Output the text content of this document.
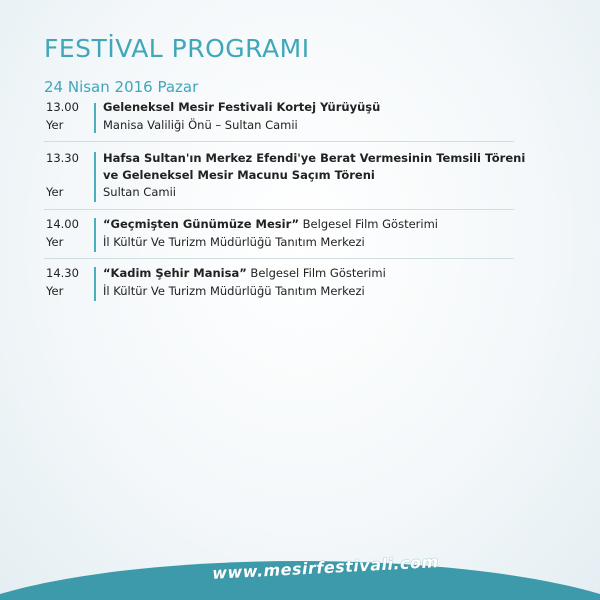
FESTİVAL PROGRAMI
24 Nisan 2016 Pazar
13.00
Yer
Geleneksel Mesir Festivali Kortej Yürüyüşü
Manisa Valiliği Önü – Sultan Camii
13.30
Yer
Hafsa Sultan'ın Merkez Efendi'ye Berat Vermesinin Temsili Töreni
ve Geleneksel Mesir Macunu Saçım Töreni
Sultan Camii
14.00
Yer
“Geçmişten Günümüze Mesir” Belgesel Film Gösterimi
İl Kültür Ve Turizm Müdürlüğü Tanıtım Merkezi
14.30
Yer
“Kadim Şehir Manisa” Belgesel Film Gösterimi
İl Kültür Ve Turizm Müdürlüğü Tanıtım Merkezi
www.mesirfestivali.com
